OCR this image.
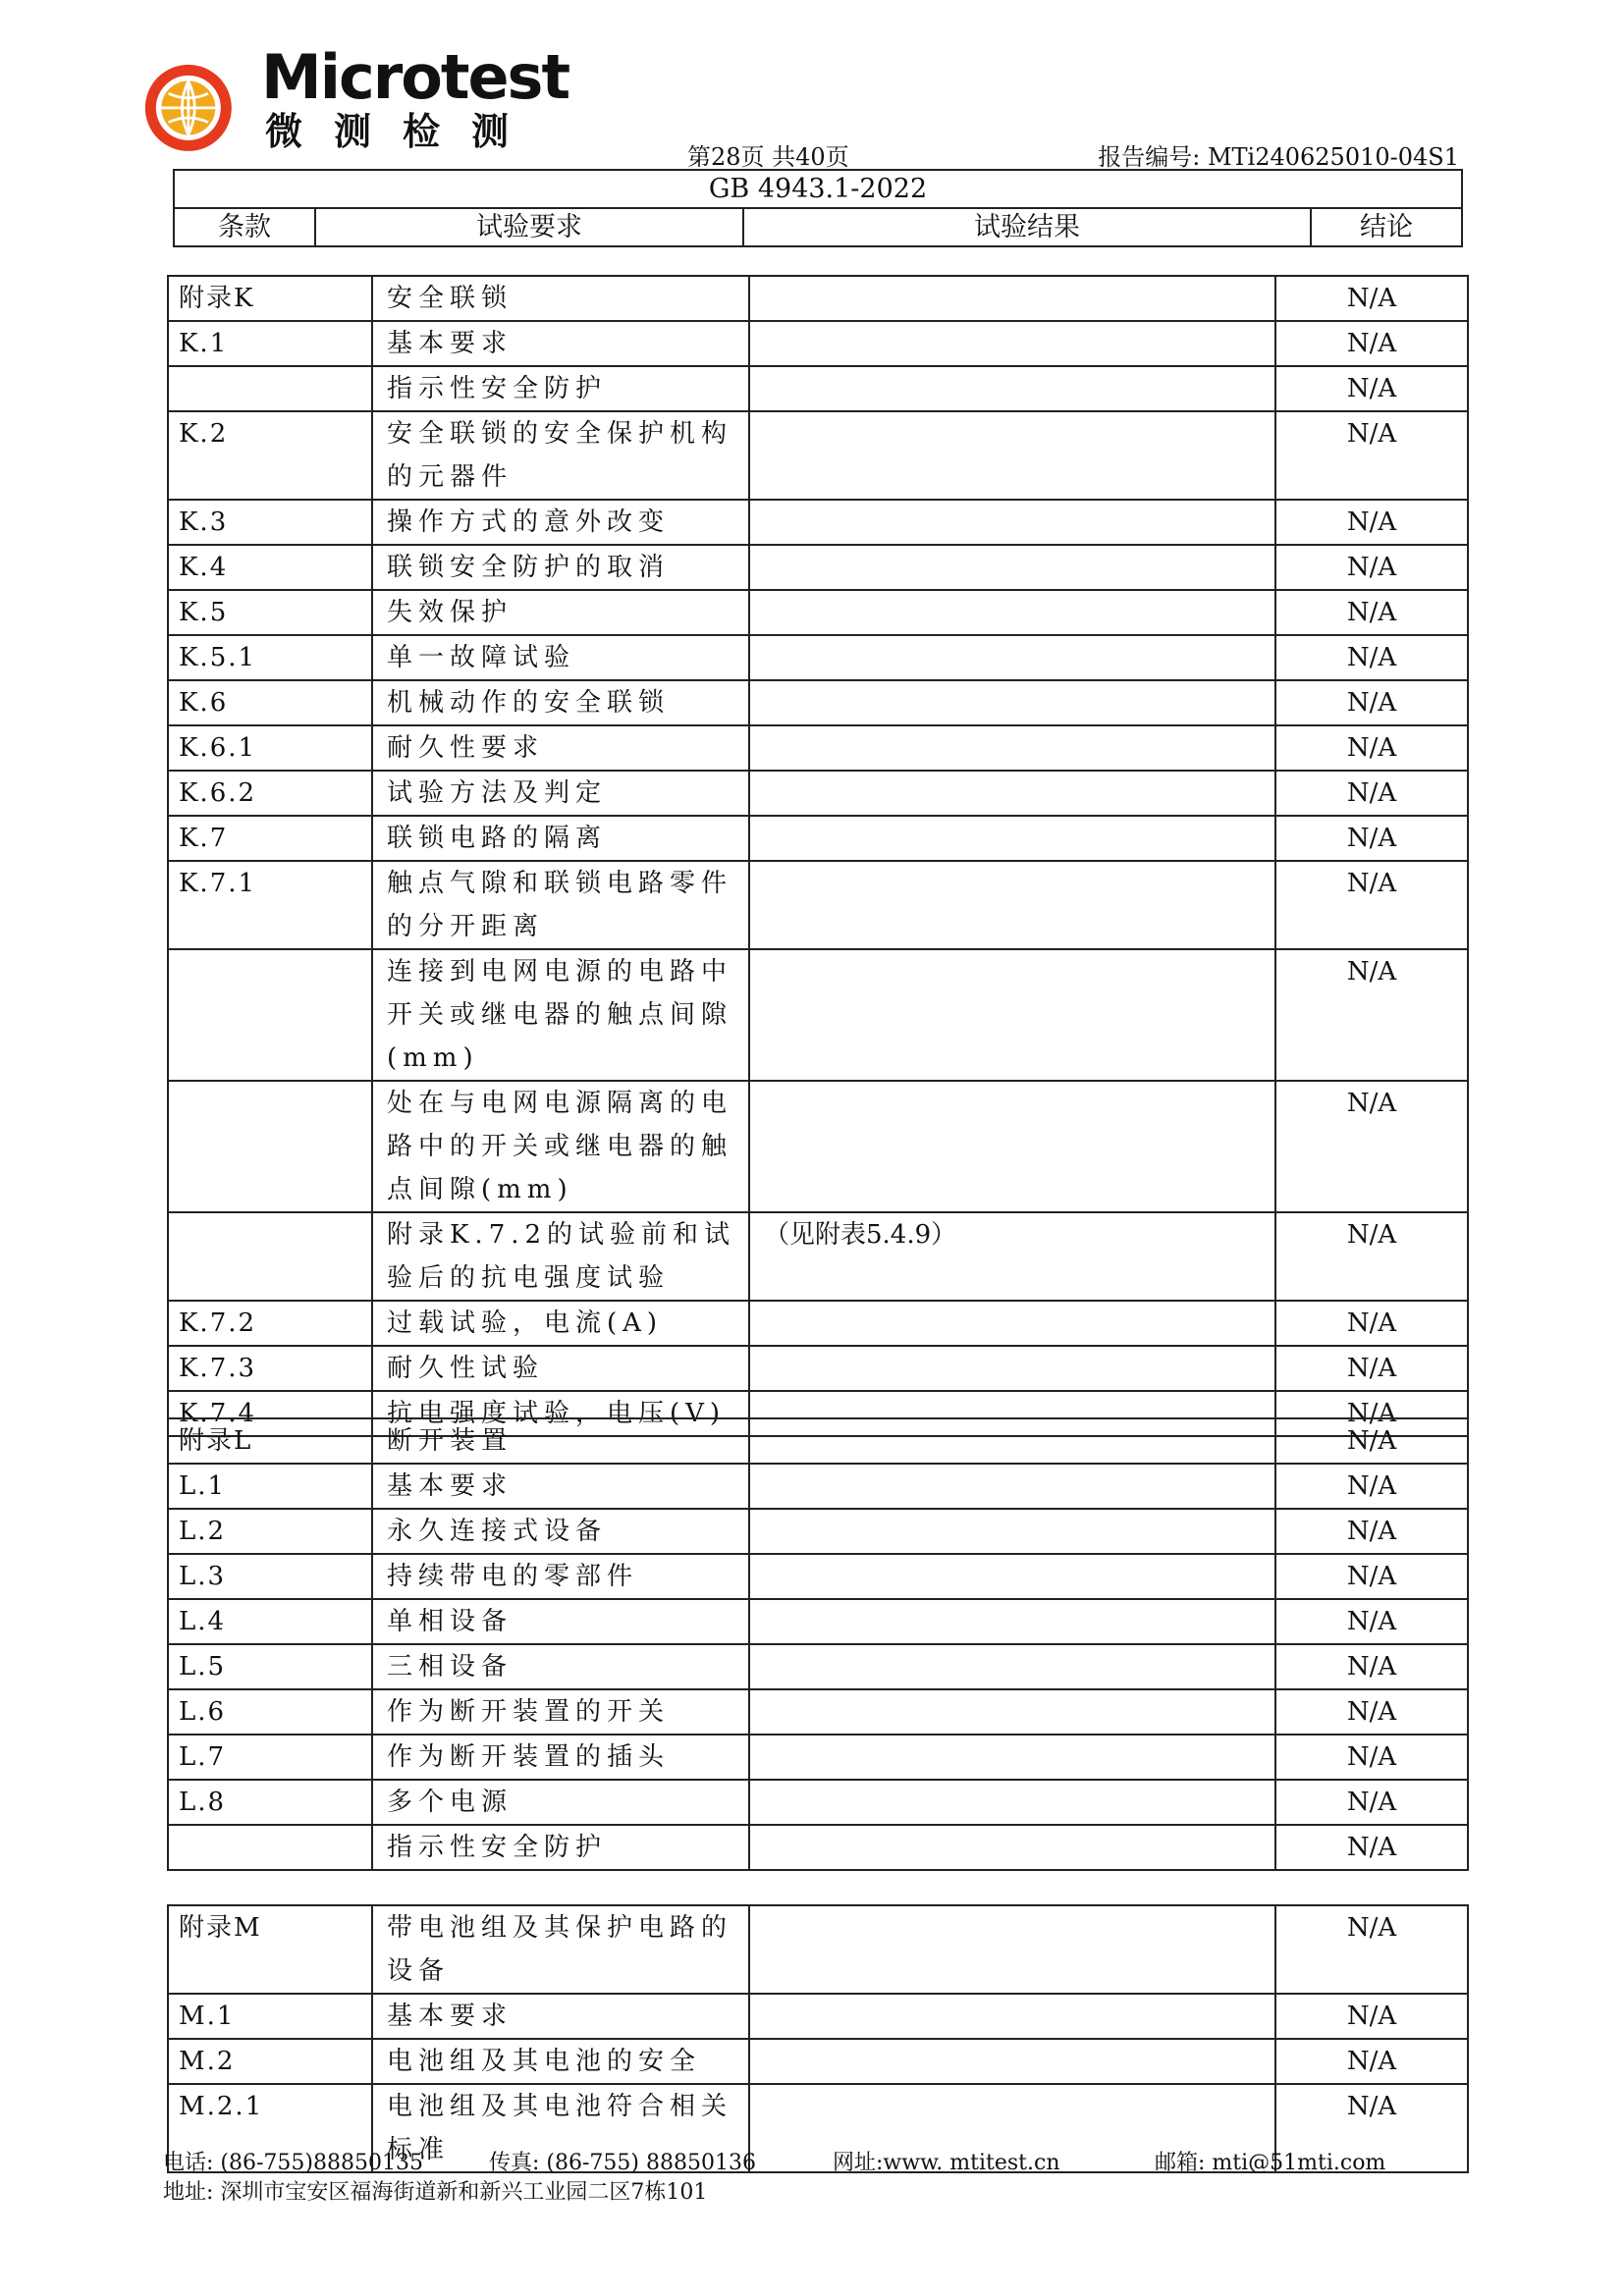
Microtest
微测检测
第28页 共40页	报告编号: MTi240625010-04S1
GB 4943.1-2022
条款	试验要求	试验结果	结论
附录K	安全联锁		N/A
K.1	基本要求		N/A
	指示性安全防护		N/A
K.2	安全联锁的安全保护机构的元器件		N/A
K.3	操作方式的意外改变		N/A
K.4	联锁安全防护的取消		N/A
K.5	失效保护		N/A
K.5.1	单一故障试验		N/A
K.6	机械动作的安全联锁		N/A
K.6.1	耐久性要求		N/A
K.6.2	试验方法及判定		N/A
K.7	联锁电路的隔离		N/A
K.7.1	触点气隙和联锁电路零件的分开距离		N/A
	连接到电网电源的电路中开关或继电器的触点间隙(mm)		N/A
	处在与电网电源隔离的电路中的开关或继电器的触点间隙(mm)		N/A
	附录K.7.2的试验前和试验后的抗电强度试验	（见附表5.4.9）	N/A
K.7.2	过载试验，电流(A)		N/A
K.7.3	耐久性试验		N/A
K.7.4	抗电强度试验，电压(V)		N/A
附录L	断开装置		N/A
L.1	基本要求		N/A
L.2	永久连接式设备		N/A
L.3	持续带电的零部件		N/A
L.4	单相设备		N/A
L.5	三相设备		N/A
L.6	作为断开装置的开关		N/A
L.7	作为断开装置的插头		N/A
L.8	多个电源		N/A
	指示性安全防护		N/A
附录M	带电池组及其保护电路的设备		N/A
M.1	基本要求		N/A
M.2	电池组及其电池的安全		N/A
M.2.1	电池组及其电池符合相关标准		N/A
电话: (86-755)88850135	传真: (86-755) 88850136	网址:www. mtitest.cn	邮箱: mti@51mti.com
地址: 深圳市宝安区福海街道新和新兴工业园二区7栋101
